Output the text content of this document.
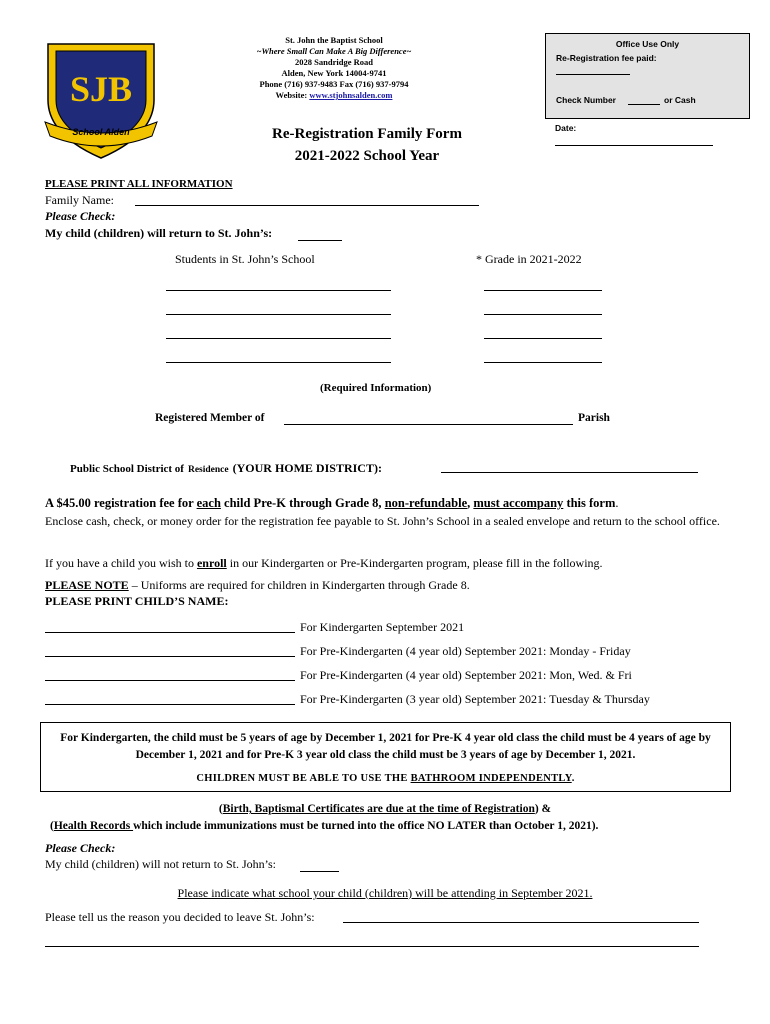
SJB
School Alden
St. John the Baptist School
~Where Small Can Make A Big Difference~
2028 Sandridge Road
Alden, New York 14004-9741
Phone (716) 937-9483 Fax (716) 937-9794
Website: www.stjohnsalden.com
Office Use Only
Re-Registration fee paid:
Check Number	or Cash
Date:
Re-Registration Family Form
2021-2022 School Year
PLEASE PRINT ALL INFORMATION
Family Name:
Please Check:
My child (children) will return to St. John’s:
Students in St. John’s School	* Grade in 2021-2022
(Required Information)
Registered Member of	Parish
Public School District of Residence (YOUR HOME DISTRICT):
A $45.00 registration fee for each child Pre-K through Grade 8, non-refundable, must accompany this form.
Enclose cash, check, or money order for the registration fee payable to St. John’s School in a sealed envelope and return to the school office.
If you have a child you wish to enroll in our Kindergarten or Pre-Kindergarten program, please fill in the following.
PLEASE NOTE – Uniforms are required for children in Kindergarten through Grade 8.
PLEASE PRINT CHILD’S NAME:
For Kindergarten September 2021
For Pre-Kindergarten (4 year old) September 2021: Monday - Friday
For Pre-Kindergarten (4 year old) September 2021: Mon, Wed. & Fri
For Pre-Kindergarten (3 year old) September 2021: Tuesday & Thursday
For Kindergarten, the child must be 5 years of age by December 1, 2021 for Pre-K 4 year old class the child must be 4 years of age by December 1, 2021 and for Pre-K 3 year old class the child must be 3 years of age by December 1, 2021.
CHILDREN MUST BE ABLE TO USE THE BATHROOM INDEPENDENTLY.
(Birth, Baptismal Certificates are due at the time of Registration) &
(Health Records which include immunizations must be turned into the office NO LATER than October 1, 2021).
Please Check:
My child (children) will not return to St. John’s:
Please indicate what school your child (children) will be attending in September 2021.
Please tell us the reason you decided to leave St. John’s:
